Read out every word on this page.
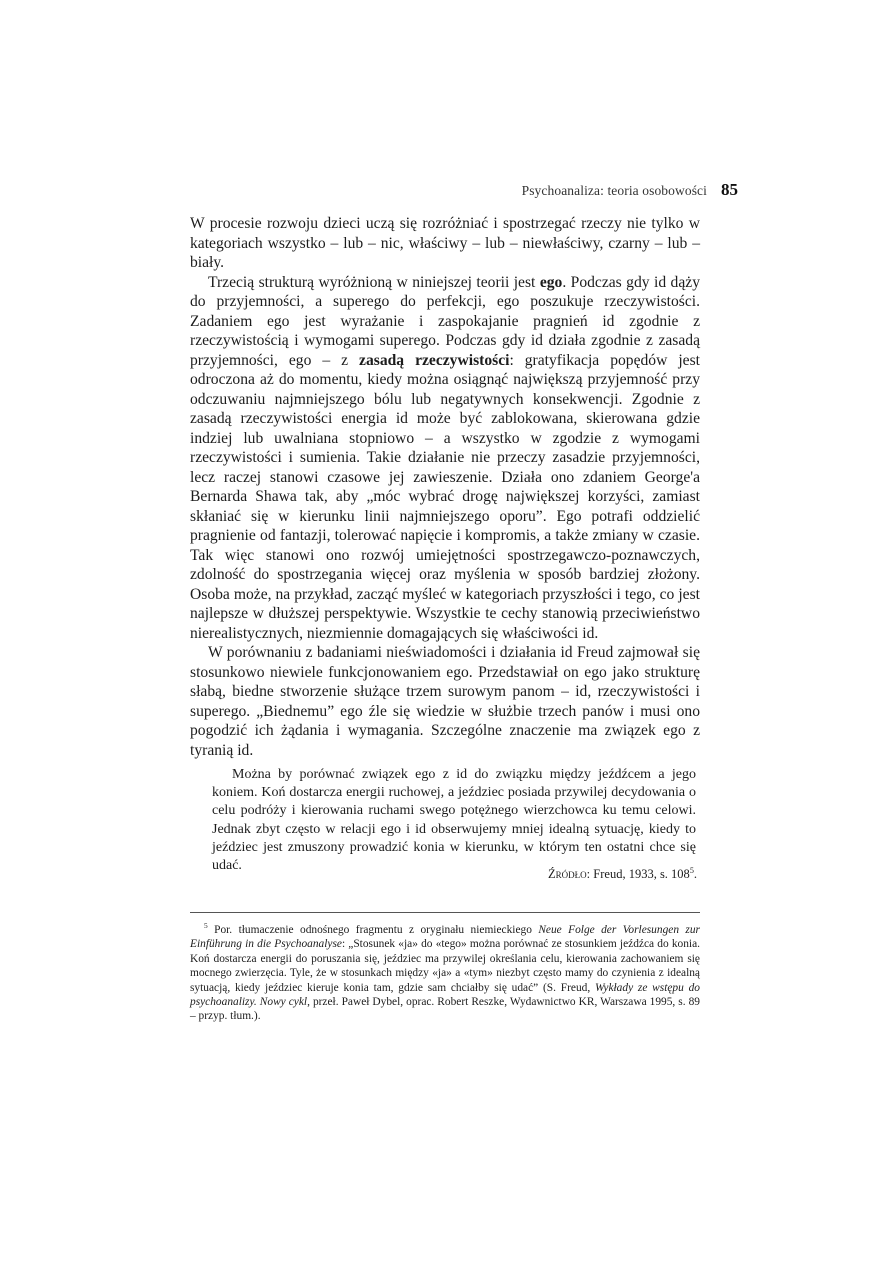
Psychoanaliza: teoria osobowości 85

W procesie rozwoju dzieci uczą się rozróżniać i spostrzegać rzeczy nie tylko w kategoriach wszystko – lub – nic, właściwy – lub – niewłaściwy, czarny – lub – biały.

Trzecią strukturą wyróżnioną w niniejszej teorii jest ego. Podczas gdy id dąży do przyjemności, a superego do perfekcji, ego poszukuje rzeczywistości. Zadaniem ego jest wyrażanie i zaspokajanie pragnień id zgodnie z rzeczywistością i wymogami superego. Podczas gdy id działa zgodnie z zasadą przyjemności, ego – z zasadą rzeczywistości: gratyfikacja popędów jest odroczona aż do momentu, kiedy można osiągnąć największą przyjemność przy odczuwaniu najmniejszego bólu lub negatywnych konsekwencji. Zgodnie z zasadą rzeczywistości energia id może być zablokowana, skierowana gdzie indziej lub uwalniana stopniowo – a wszystko w zgodzie z wymogami rzeczywistości i sumienia. Takie działanie nie przeczy zasadzie przyjemności, lecz raczej stanowi czasowe jej zawieszenie. Działa ono zdaniem George'a Bernarda Shawa tak, aby „móc wybrać drogę największej korzyści, zamiast skłaniać się w kierunku linii najmniejszego oporu”. Ego potrafi oddzielić pragnienie od fantazji, tolerować napięcie i kompromis, a także zmiany w czasie. Tak więc stanowi ono rozwój umiejętności spostrzegawczo-poznawczych, zdolność do spostrzegania więcej oraz myślenia w sposób bardziej złożony. Osoba może, na przykład, zacząć myśleć w kategoriach przyszłości i tego, co jest najlepsze w dłuższej perspektywie. Wszystkie te cechy stanowią przeciwieństwo nierealistycznych, niezmiennie domagających się właściwości id.

W porównaniu z badaniami nieświadomości i działania id Freud zajmował się stosunkowo niewiele funkcjonowaniem ego. Przedstawiał on ego jako strukturę słabą, biedne stworzenie służące trzem surowym panom – id, rzeczywistości i superego. „Biednemu” ego źle się wiedzie w służbie trzech panów i musi ono pogodzić ich żądania i wymagania. Szczególne znaczenie ma związek ego z tyranią id.

Można by porównać związek ego z id do związku między jeźdźcem a jego koniem. Koń dostarcza energii ruchowej, a jeździec posiada przywilej decydowania o celu podróży i kierowania ruchami swego potężnego wierzchowca ku temu celowi. Jednak zbyt często w relacji ego i id obserwujemy mniej idealną sytuację, kiedy to jeździec jest zmuszony prowadzić konia w kierunku, w którym ten ostatni chce się udać.

Źródło: Freud, 1933, s. $108^5$.

$^5$ Por. tłumaczenie odnośnego fragmentu z oryginału niemieckiego Neue Folge der Vorlesungen zur Einführung in die Psychoanalyse: „Stosunek «ja» do «tego» można porównać ze stosunkiem jeźdźca do konia. Koń dostarcza energii do poruszania się, jeździec ma przywilej określania celu, kierowania zachowaniem się mocnego zwierzęcia. Tyle, że w stosunkach między «ja» a «tym» niezbyt często mamy do czynienia z idealną sytuacją, kiedy jeździec kieruje konia tam, gdzie sam chciałby się udać” (S. Freud, Wykłady ze wstępu do psychoanalizy. Nowy cykl, przeł. Paweł Dybel, oprac. Robert Reszke, Wydawnictwo KR, Warszawa 1995, s. 89 – przyp. tłum.).
